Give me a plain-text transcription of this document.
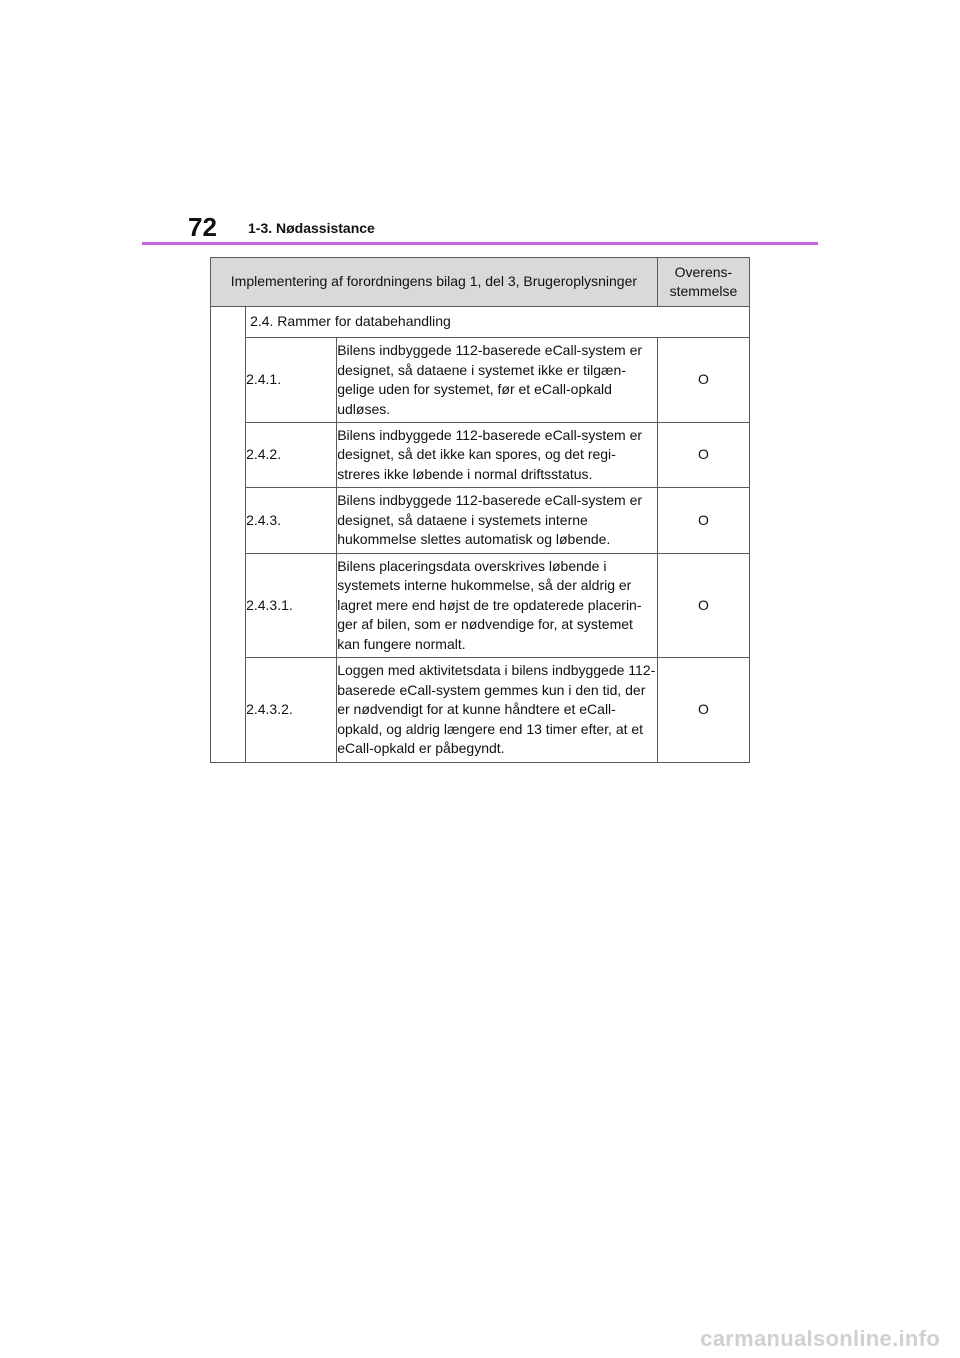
72 1-3. Nødassistance
Implementering af forordningens bilag 1, del 3, Brugeroplysninger			Overens-
stemmelse

	2.4. Rammer for databehandling		
	2.4.1.	Bilens indbyggede 112-baserede eCall-system er designet, så dataene i systemet ikke er tilgæn-gelige uden for systemet, før et eCall-opkald udløses.	O
	2.4.2.	Bilens indbyggede 112-baserede eCall-system er designet, så det ikke kan spores, og det regi-streres ikke løbende i normal driftsstatus.	O
	2.4.3.	Bilens indbyggede 112-baserede eCall-system er designet, så dataene i systemets interne hukommelse slettes automatisk og løbende.	O
	2.4.3.1.	Bilens placeringsdata overskrives løbende i systemets interne hukommelse, så der aldrig er lagret mere end højst de tre opdaterede placerin-ger af bilen, som er nødvendige for, at systemet kan fungere normalt.	O
	2.4.3.2.	Loggen med aktivitetsdata i bilens indbyggede 112-baserede eCall-system gemmes kun i den tid, der er nødvendigt for at kunne håndtere et eCall-opkald, og aldrig længere end 13 timer efter, at et eCall-opkald er påbegyndt.	O
carmanualsonline.info
